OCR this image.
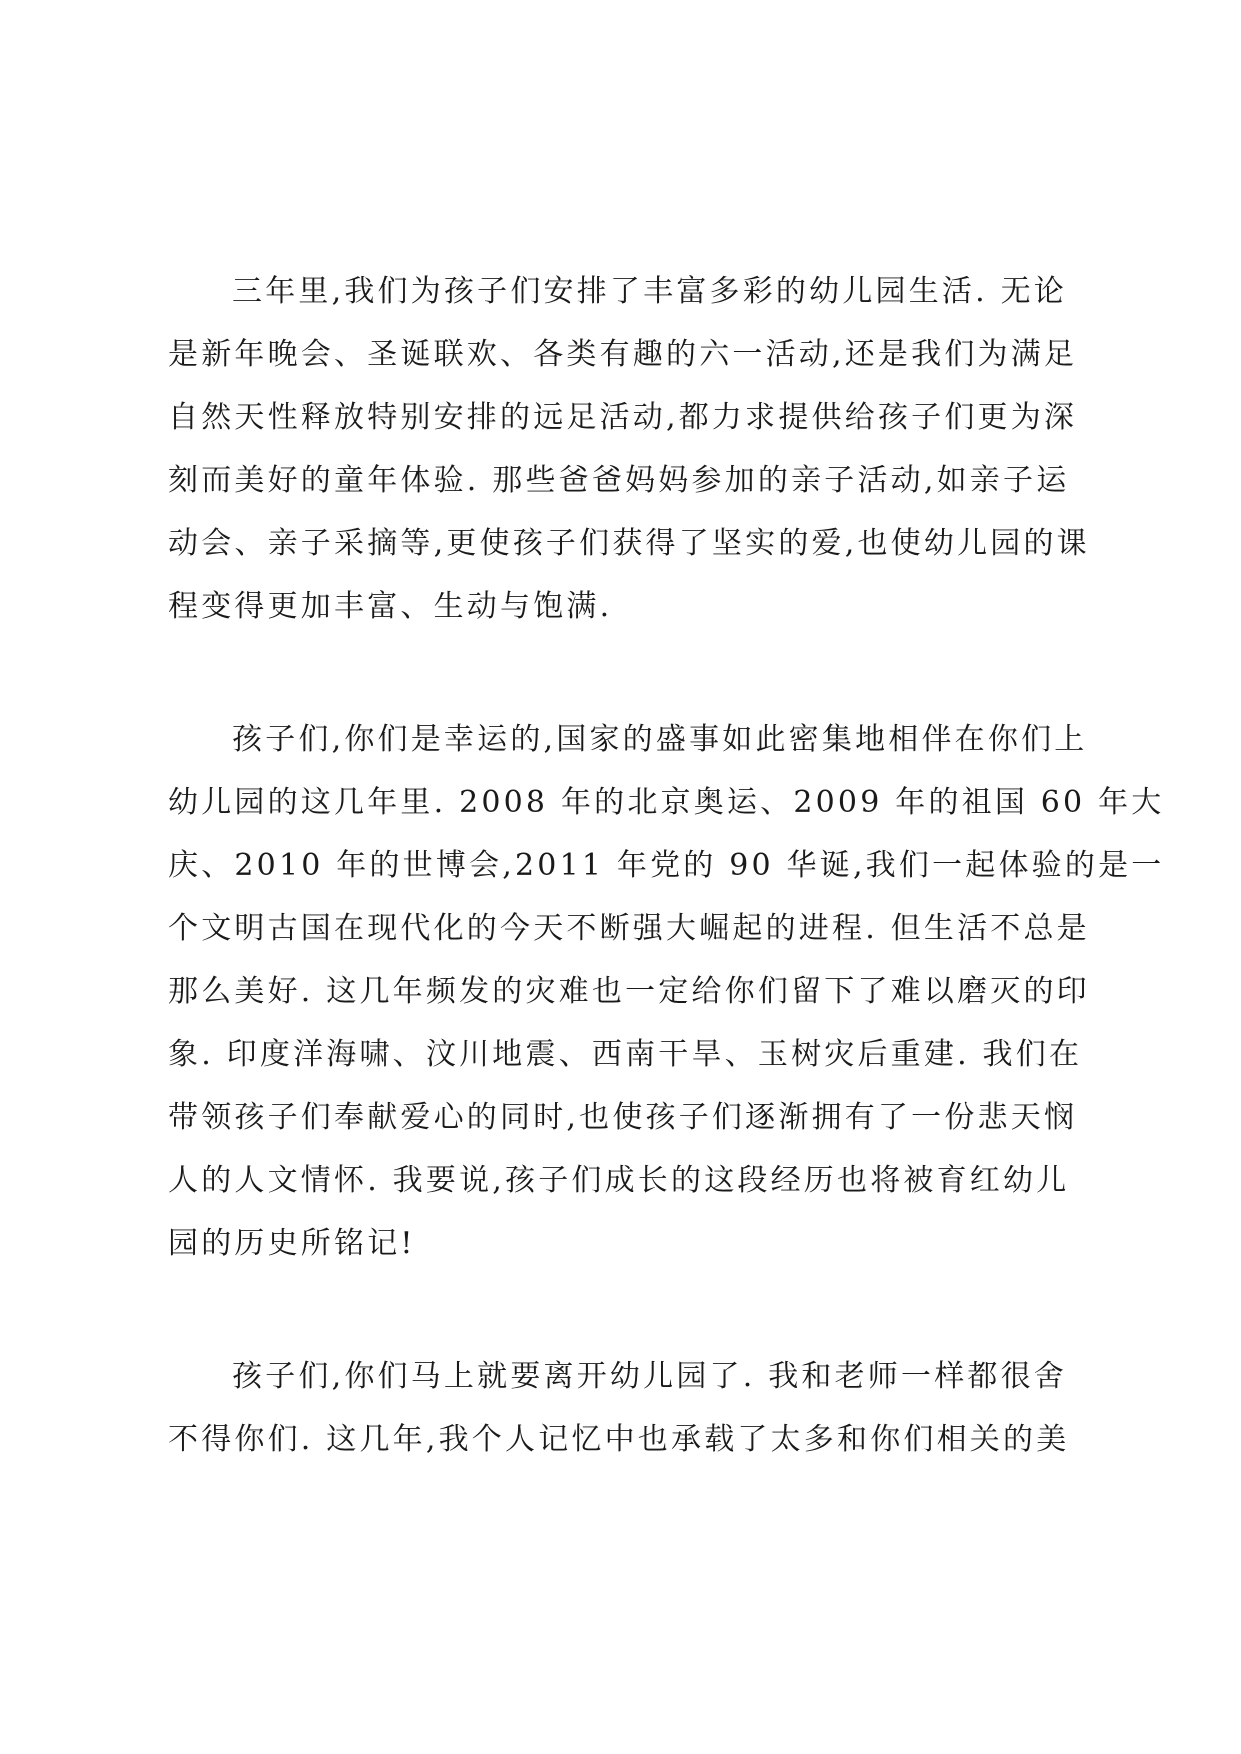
三年里,我们为孩子们安排了丰富多彩的幼儿园生活. 无论
是新年晚会、圣诞联欢、各类有趣的六一活动,还是我们为满足
自然天性释放特别安排的远足活动,都力求提供给孩子们更为深
刻而美好的童年体验. 那些爸爸妈妈参加的亲子活动,如亲子运
动会、亲子采摘等,更使孩子们获得了坚实的爱,也使幼儿园的课
程变得更加丰富、生动与饱满.
孩子们,你们是幸运的,国家的盛事如此密集地相伴在你们上
幼儿园的这几年里. 2008 年的北京奥运、2009 年的祖国 60 年大
庆、2010 年的世博会,2011 年党的 90 华诞,我们一起体验的是一
个文明古国在现代化的今天不断强大崛起的进程. 但生活不总是
那么美好. 这几年频发的灾难也一定给你们留下了难以磨灭的印
象. 印度洋海啸、汶川地震、西南干旱、玉树灾后重建. 我们在
带领孩子们奉献爱心的同时,也使孩子们逐渐拥有了一份悲天悯
人的人文情怀. 我要说,孩子们成长的这段经历也将被育红幼儿
园的历史所铭记!
孩子们,你们马上就要离开幼儿园了. 我和老师一样都很舍
不得你们. 这几年,我个人记忆中也承载了太多和你们相关的美
